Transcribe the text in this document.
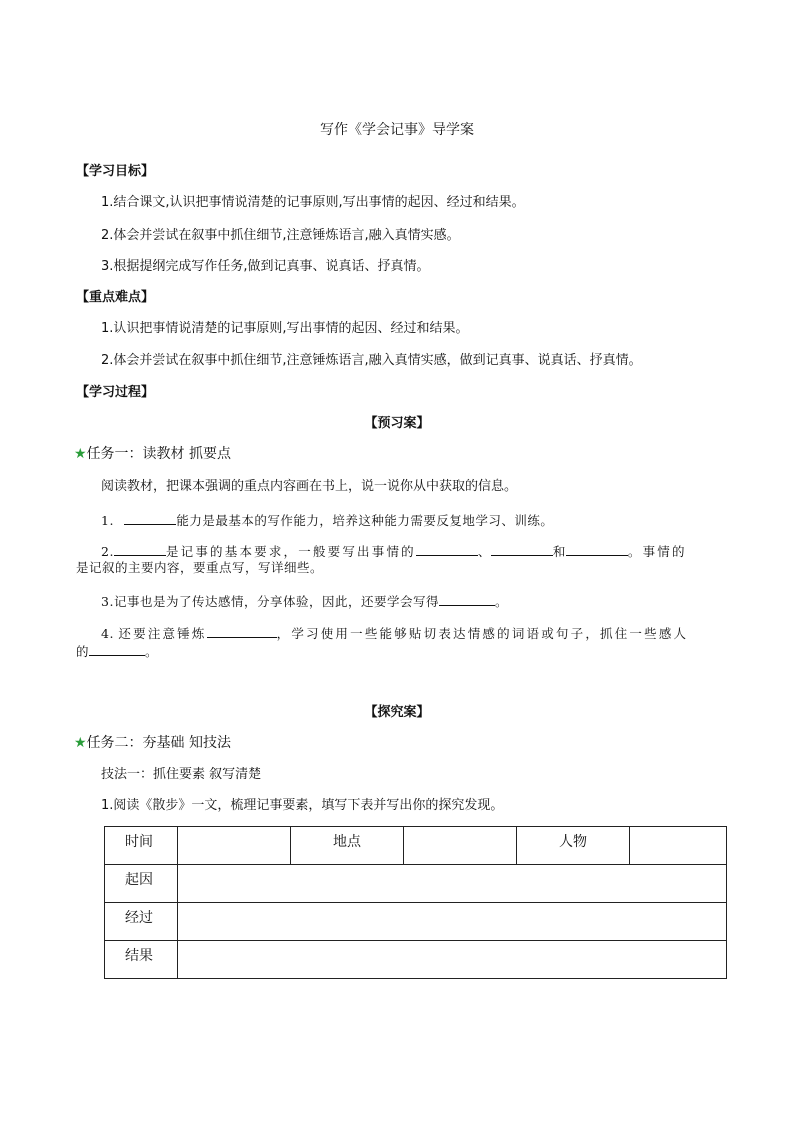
写作《学会记事》导学案
【学习目标】
1.结合课文,认识把事情说清楚的记事原则,写出事情的起因、经过和结果。
2.体会并尝试在叙事中抓住细节,注意锤炼语言,融入真情实感。
3.根据提纲完成写作任务,做到记真事、说真话、抒真情。
【重点难点】
1.认识把事情说清楚的记事原则,写出事情的起因、经过和结果。
2.体会并尝试在叙事中抓住细节,注意锤炼语言,融入真情实感，做到记真事、说真话、抒真情。
【学习过程】
【预习案】
★任务一：读教材 抓要点
阅读教材，把课本强调的重点内容画在书上，说一说你从中获取的信息。
1.	能力是最基本的写作能力，培养这种能力需要反复地学习、训练。
2.	是记事的基本要求，一般要写出事情的	、	和	。事情的
是记叙的主要内容，要重点写，写详细些。
3.记事也是为了传达感情，分享体验，因此，还要学会写得	。
4. 还要注意锤炼	，学习使用一些能够贴切表达情感的词语或句子，抓住一些感人
的	。
【探究案】
★任务二：夯基础 知技法
技法一：抓住要素 叙写清楚
1.阅读《散步》一文，梳理记事要素，填写下表并写出你的探究发现。
时间		地点		人物	
起因					
经过					
结果					
